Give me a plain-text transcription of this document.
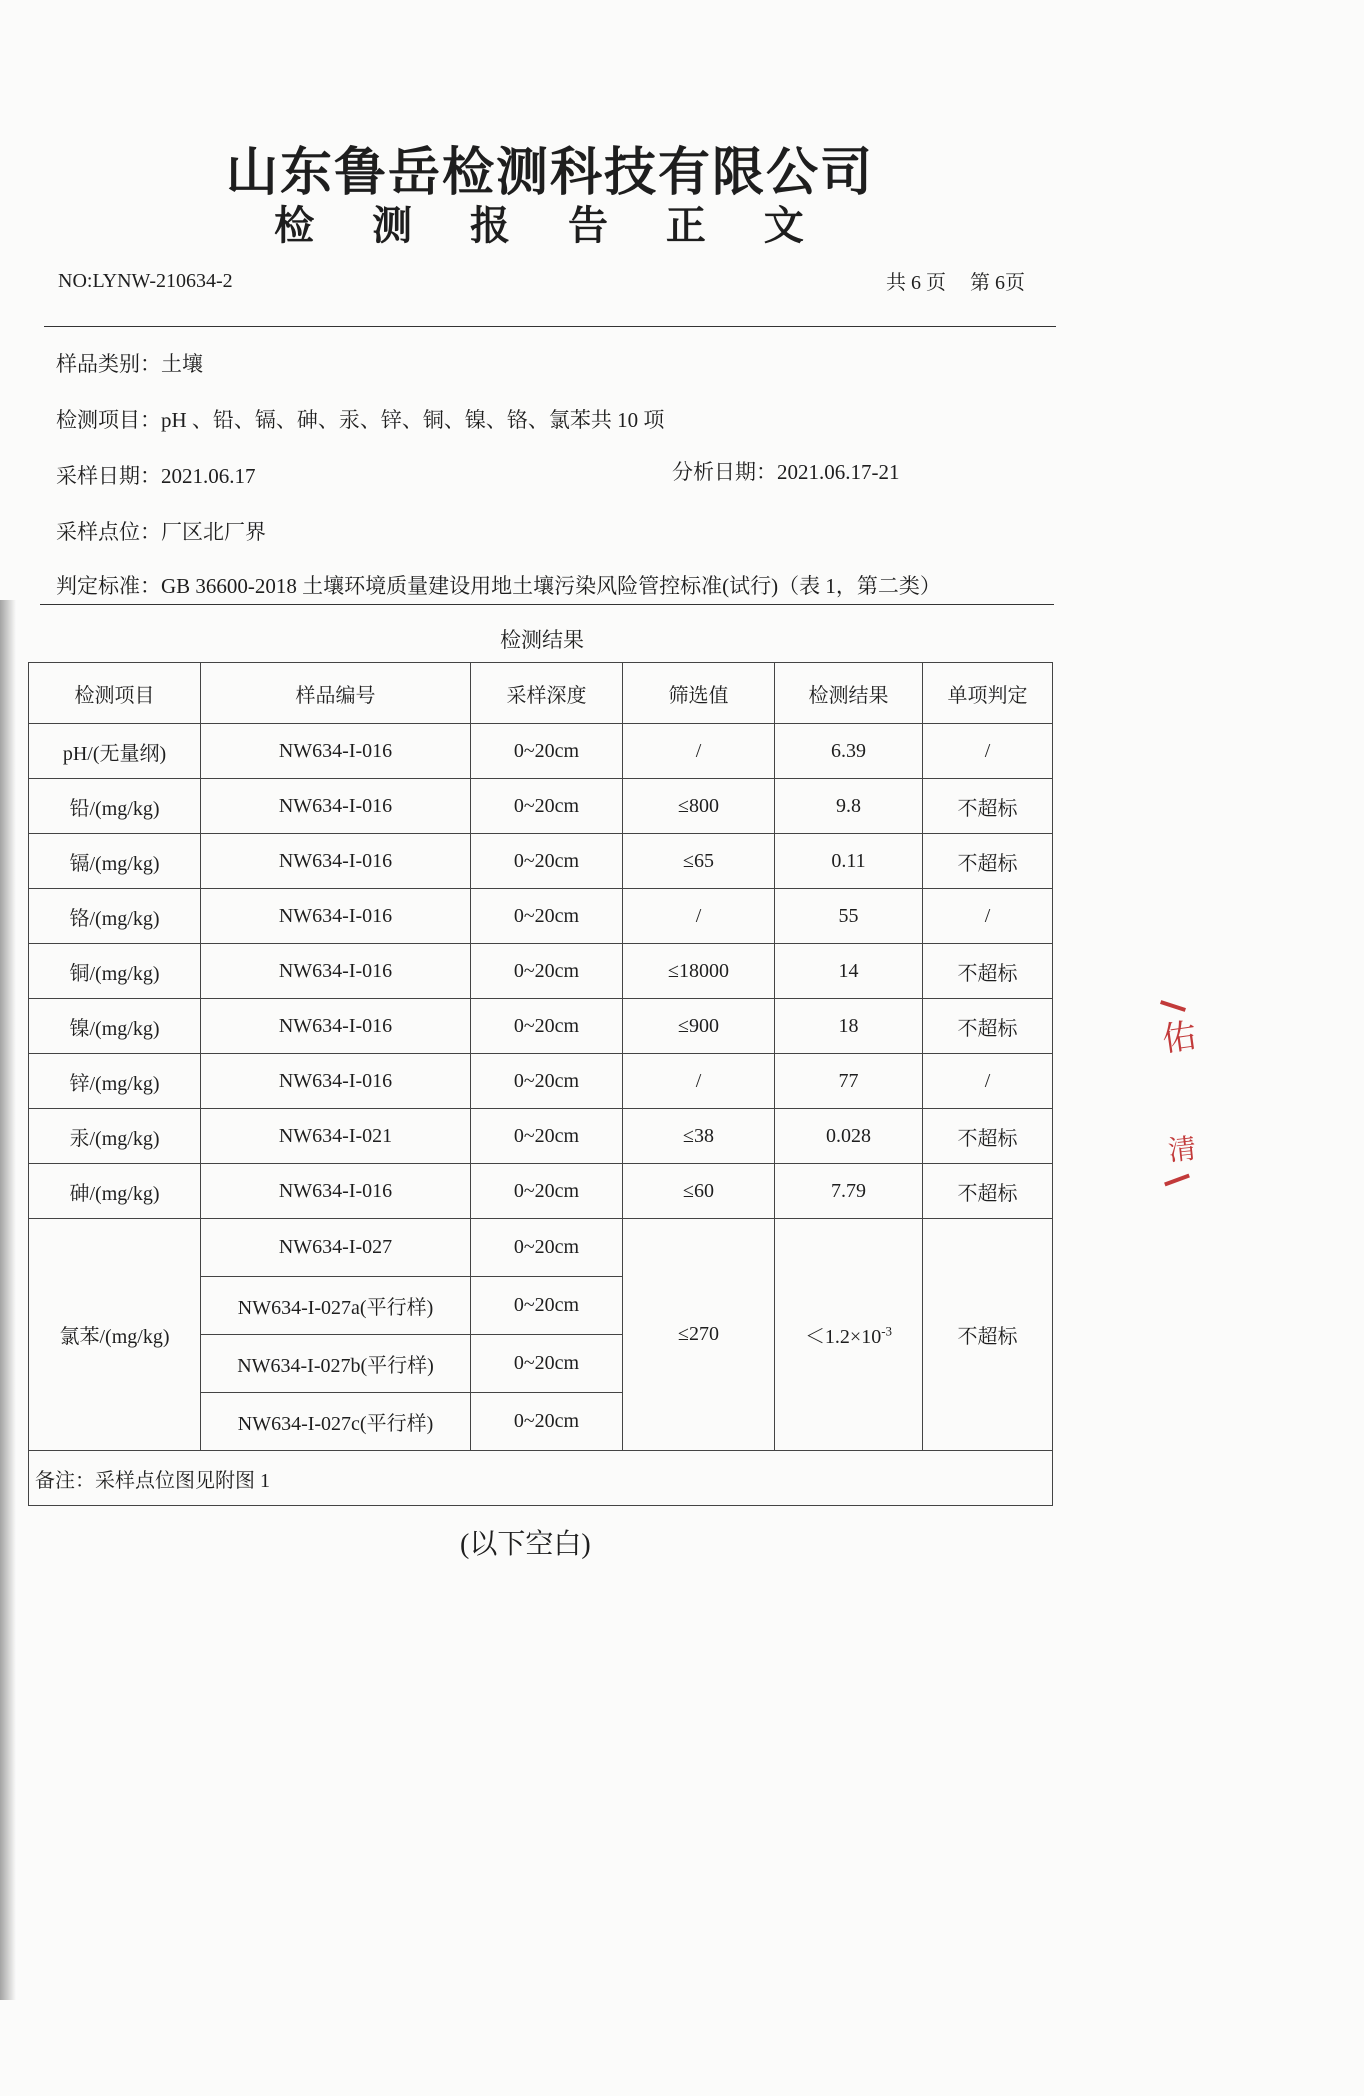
山东鲁岳检测科技有限公司
检 测 报 告 正 文
NO:LYNW-210634-2	共 6 页 第 6页
样品类别：土壤
检测项目：pH 、铅、镉、砷、汞、锌、铜、镍、铬、氯苯共 10 项
采样日期：2021.06.17	分析日期：2021.06.17-21
采样点位：厂区北厂界
判定标准：GB 36600-2018 土壤环境质量建设用地土壤污染风险管控标准(试行)（表 1，第二类）
检测结果
检测项目	样品编号	采样深度	筛选值	检测结果	单项判定
pH/(无量纲)	NW634-I-016	0~20cm	/	6.39	/
铅/(mg/kg)	NW634-I-016	0~20cm	≤800	9.8	不超标
镉/(mg/kg)	NW634-I-016	0~20cm	≤65	0.11	不超标
铬/(mg/kg)	NW634-I-016	0~20cm	/	55	/
铜/(mg/kg)	NW634-I-016	0~20cm	≤18000	14	不超标
镍/(mg/kg)	NW634-I-016	0~20cm	≤900	18	不超标
锌/(mg/kg)	NW634-I-016	0~20cm	/	77	/
汞/(mg/kg)	NW634-I-021	0~20cm	≤38	0.028	不超标
砷/(mg/kg)	NW634-I-016	0~20cm	≤60	7.79	不超标
氯苯/(mg/kg)	NW634-I-027	0~20cm	≤270	$<1.2\times 10^{-3}$	不超标
	NW634-I-027a(平行样)	0~20cm			
	NW634-I-027b(平行样)	0~20cm			
	NW634-I-027c(平行样)	0~20cm			
备注：采样点位图见附图 1					
(以下空白)
佑
清
